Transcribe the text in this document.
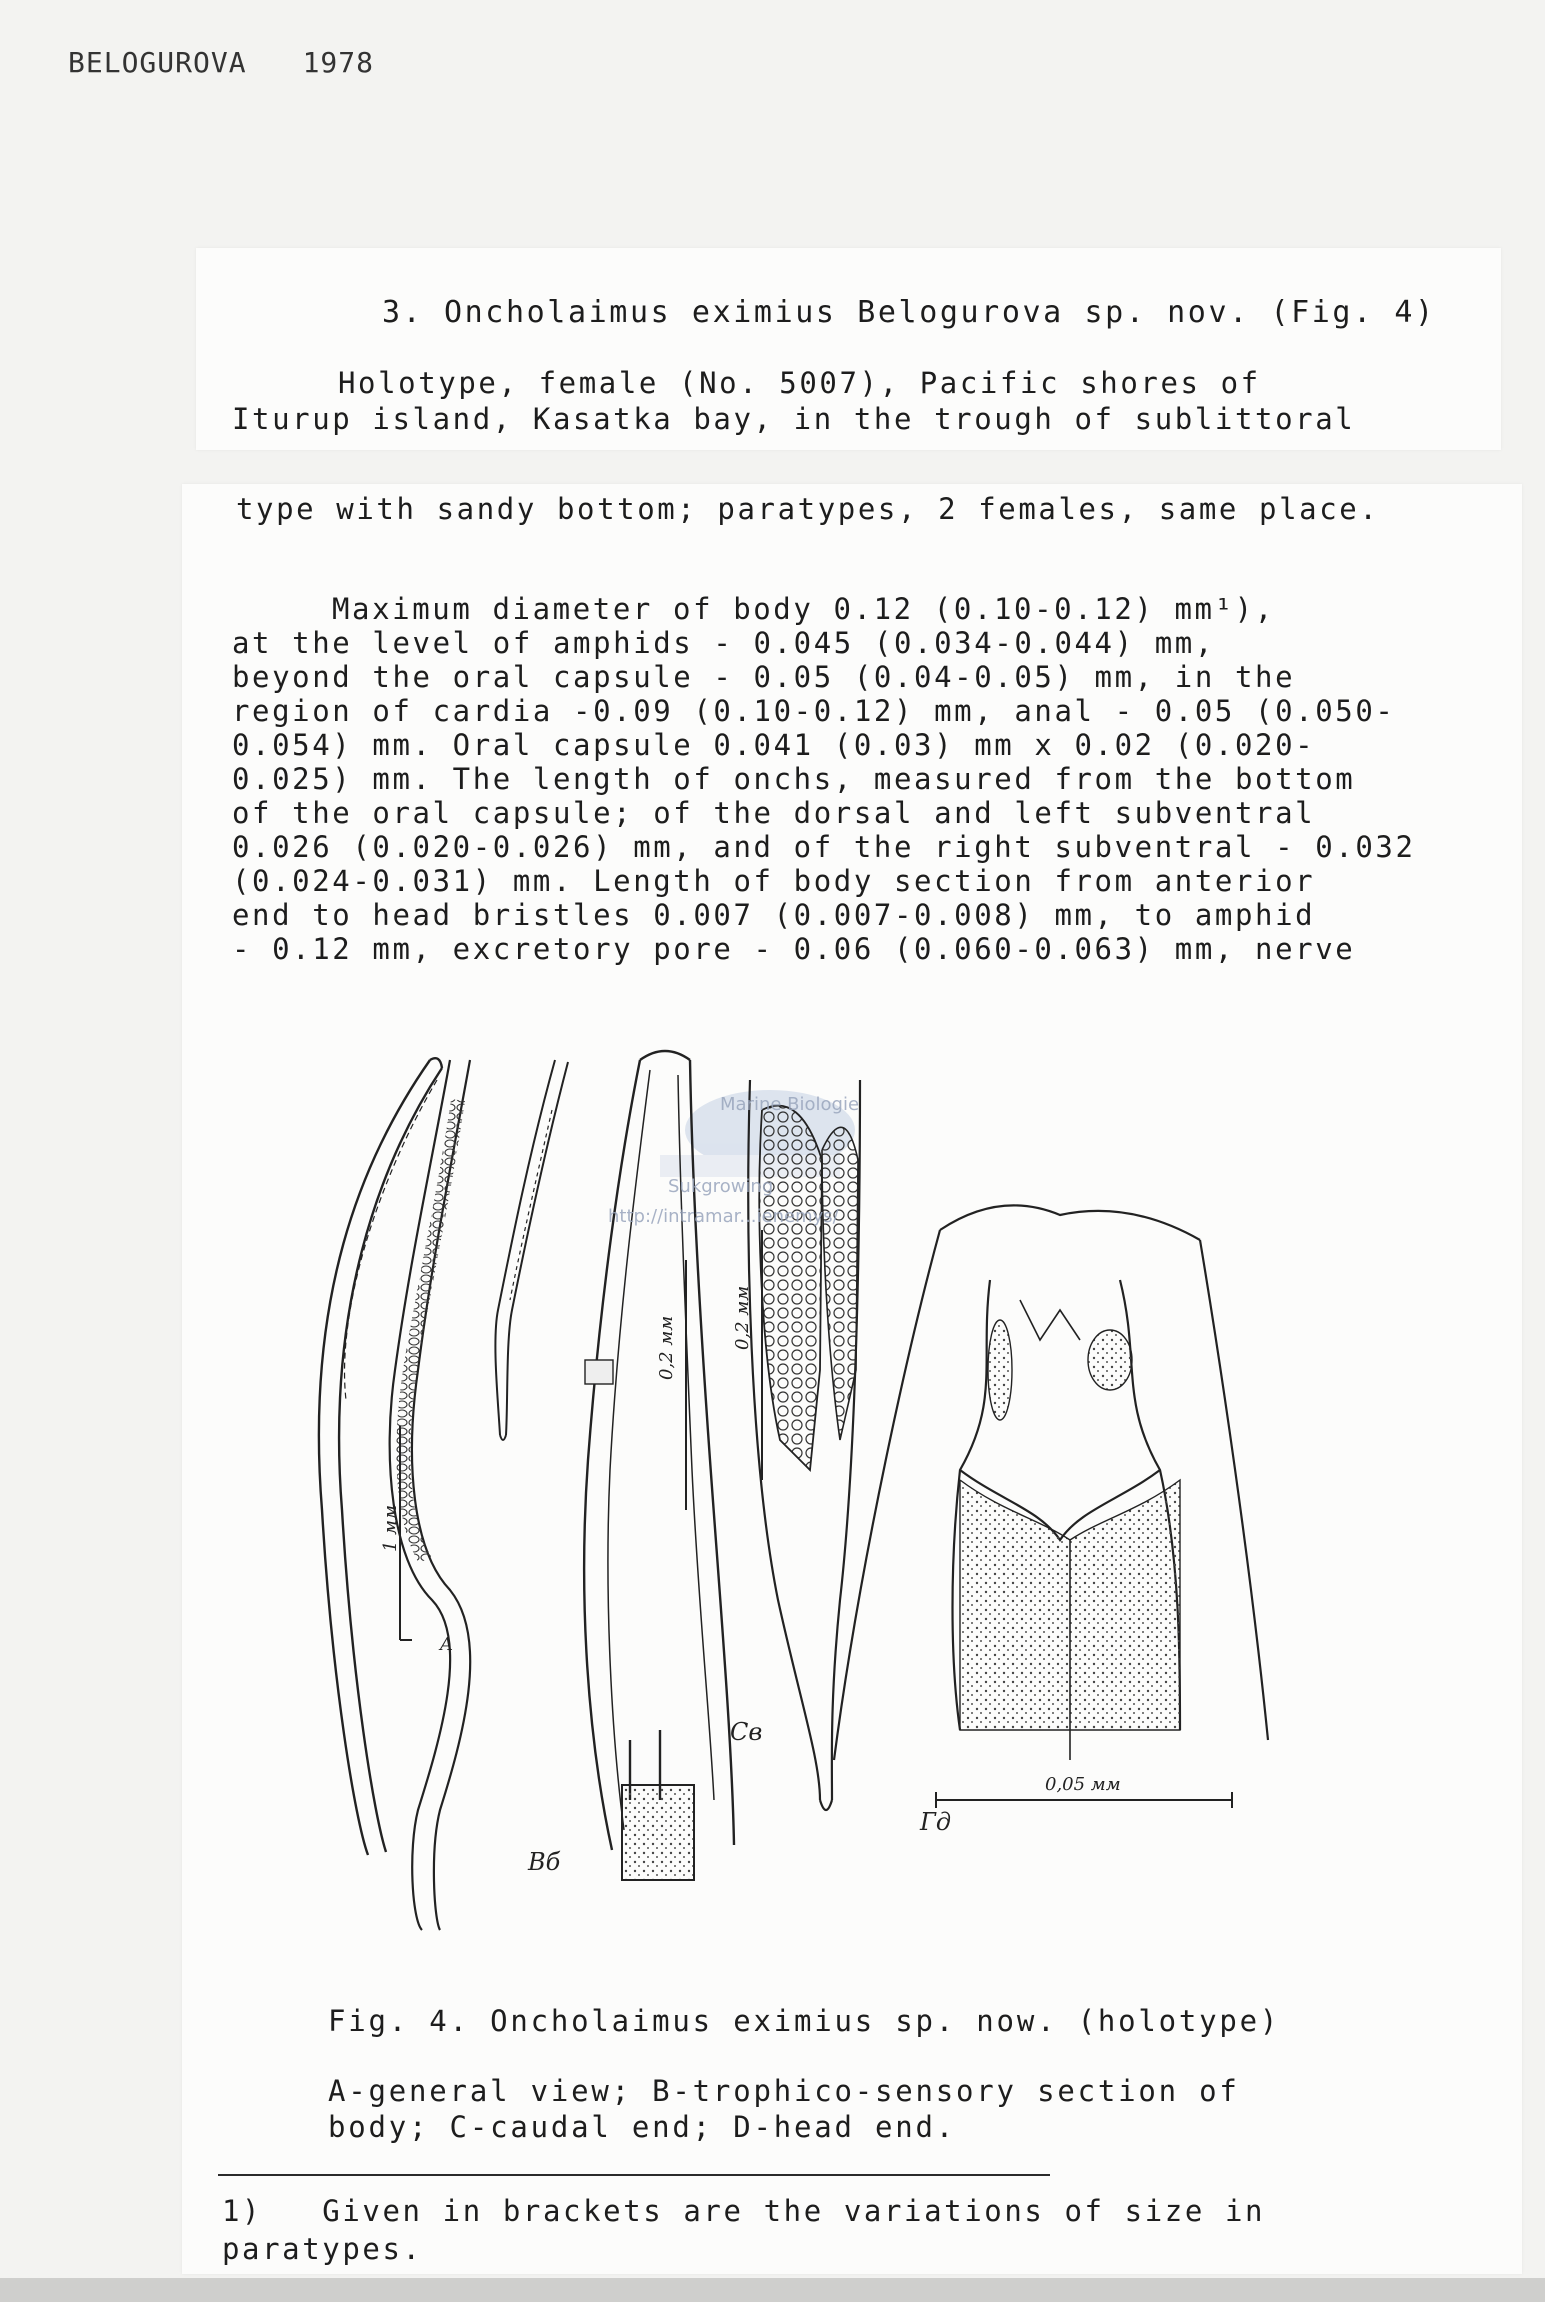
BELOGUROVA 1978
3. Oncholaimus eximius Belogurova sp. nov. (Fig. 4)
Holotype, female (No. 5007), Pacific shores of
Iturup island, Kasatka bay, in the trough of sublittoral
type with sandy bottom; paratypes, 2 females, same place.
Maximum diameter of body 0.12 (0.10-0.12) mm¹),
at the level of amphids - 0.045 (0.034-0.044) mm,
beyond the oral capsule - 0.05 (0.04-0.05) mm, in the
region of cardia -0.09 (0.10-0.12) mm, anal - 0.05 (0.050-
0.054) mm. Oral capsule 0.041 (0.03) mm x 0.02 (0.020-
0.025) mm. The length of onchs, measured from the bottom
of the oral capsule; of the dorsal and left subventral
0.026 (0.020-0.026) mm, and of the right subventral - 0.032
(0.024-0.031) mm. Length of body section from anterior
end to head bristles 0.007 (0.007-0.008) mm, to amphid
- 0.12 mm, excretory pore - 0.06 (0.060-0.063) mm, nerve
1 мм
A
0,2 мм	0,2 мм
Bб
Cв
0,05 мм
Гд
Marine Biologie
Sukgrowing
http://intramar...ienemys/
Fig. 4. Oncholaimus eximius sp. now. (holotype)
A-general view; B-trophico-sensory section of
body; C-caudal end; D-head end.
1)   Given in brackets are the variations of size in
paratypes.
